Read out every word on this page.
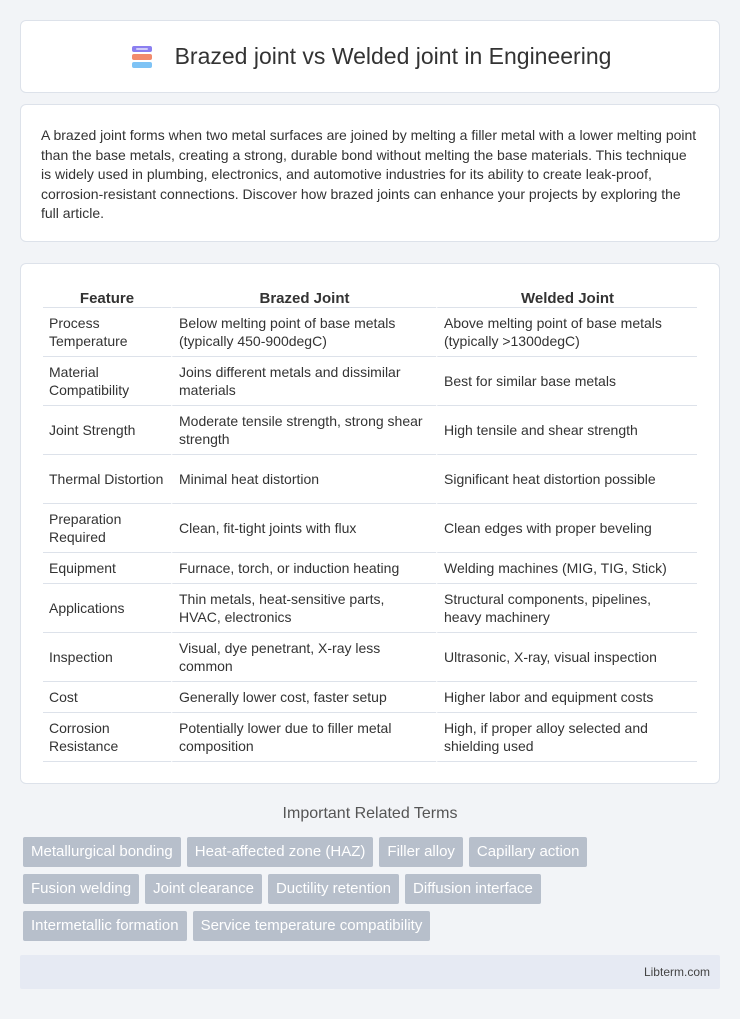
Brazed joint vs Welded joint in Engineering

A brazed joint forms when two metal surfaces are joined by melting a filler metal with a lower melting point than the base metals, creating a strong, durable bond without melting the base materials. This technique is widely used in plumbing, electronics, and automotive industries for its ability to create leak-proof, corrosion-resistant connections. Discover how brazed joints can enhance your projects by exploring the full article.

Feature	Brazed Joint	Welded Joint
Process Temperature	Below melting point of base metals (typically 450-900degC)	Above melting point of base metals (typically >1300degC)
Material Compatibility	Joins different metals and dissimilar materials	Best for similar base metals
Joint Strength	Moderate tensile strength, strong shear strength	High tensile and shear strength
Thermal Distortion	Minimal heat distortion	Significant heat distortion possible
Preparation Required	Clean, fit-tight joints with flux	Clean edges with proper beveling
Equipment	Furnace, torch, or induction heating	Welding machines (MIG, TIG, Stick)
Applications	Thin metals, heat-sensitive parts, HVAC, electronics	Structural components, pipelines, heavy machinery
Inspection	Visual, dye penetrant, X-ray less common	Ultrasonic, X-ray, visual inspection
Cost	Generally lower cost, faster setup	Higher labor and equipment costs
Corrosion Resistance	Potentially lower due to filler metal composition	High, if proper alloy selected and shielding used
Important Related Terms
Metallurgical bonding	Heat-affected zone (HAZ)	Filler alloy	Capillary action
Fusion welding	Joint clearance	Ductility retention	Diffusion interface
Intermetallic formation	Service temperature compatibility
Libterm.com
